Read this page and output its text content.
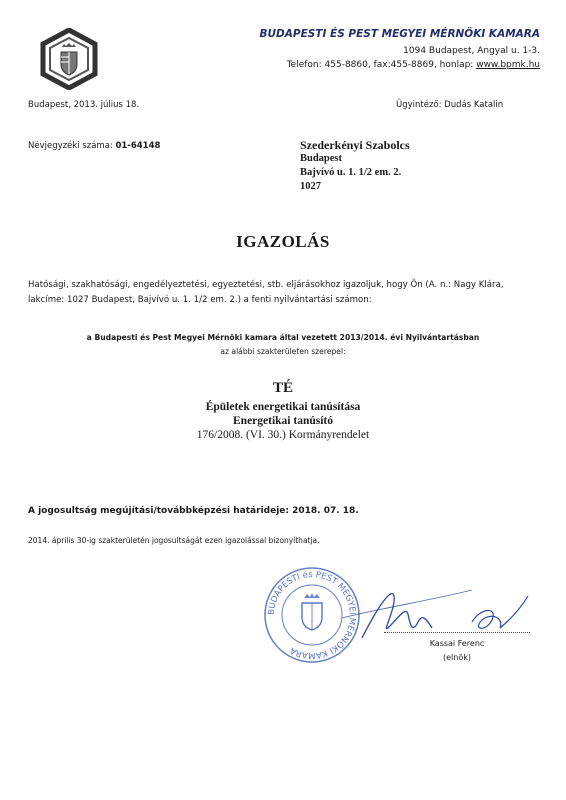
BUDAPESTI ÉS PEST MEGYEI MÉRNÖKI KAMARA
1094 Budapest, Angyal u. 1-3.
Telefon: 455-8860, fax:455-8869, honlap: www.bpmk.hu
Budapest, 2013. július 18.	Ügyintéző: Dudás Katalin
Névjegyzéki száma: 01-64148	Szederkényi Szabolcs
Budapest
Bajvívó u. 1. 1/2 em. 2.
1027
IGAZOLÁS
Hatósági, szakhatósági, engedélyeztetési, egyeztetési, stb. eljárásokhoz igazoljuk, hogy Ön (A. n.: Nagy Klára,
lakcíme: 1027 Budapest, Bajvívó u. 1. 1/2 em. 2.) a fenti nyilvántartási számon:
a Budapesti és Pest Megyei Mérnöki kamara által vezetett 2013/2014. évi Nyilvántartásban
az alábbi szakterületen szerepel:
TÉ
Épületek energetikai tanúsítása
Energetikai tanúsító
176/2008. (VI. 30.) Kormányrendelet
A jogosultság megújítási/továbbképzési határideje: 2018. 07. 18.
2014. április 30-ig szakterületén jogosultságát ezen igazolással bizonyíthatja.
BUDAPESTI és PEST MEGYEI MÉRNÖKI KAMARA
Kassai Ferenc
(elnök)
